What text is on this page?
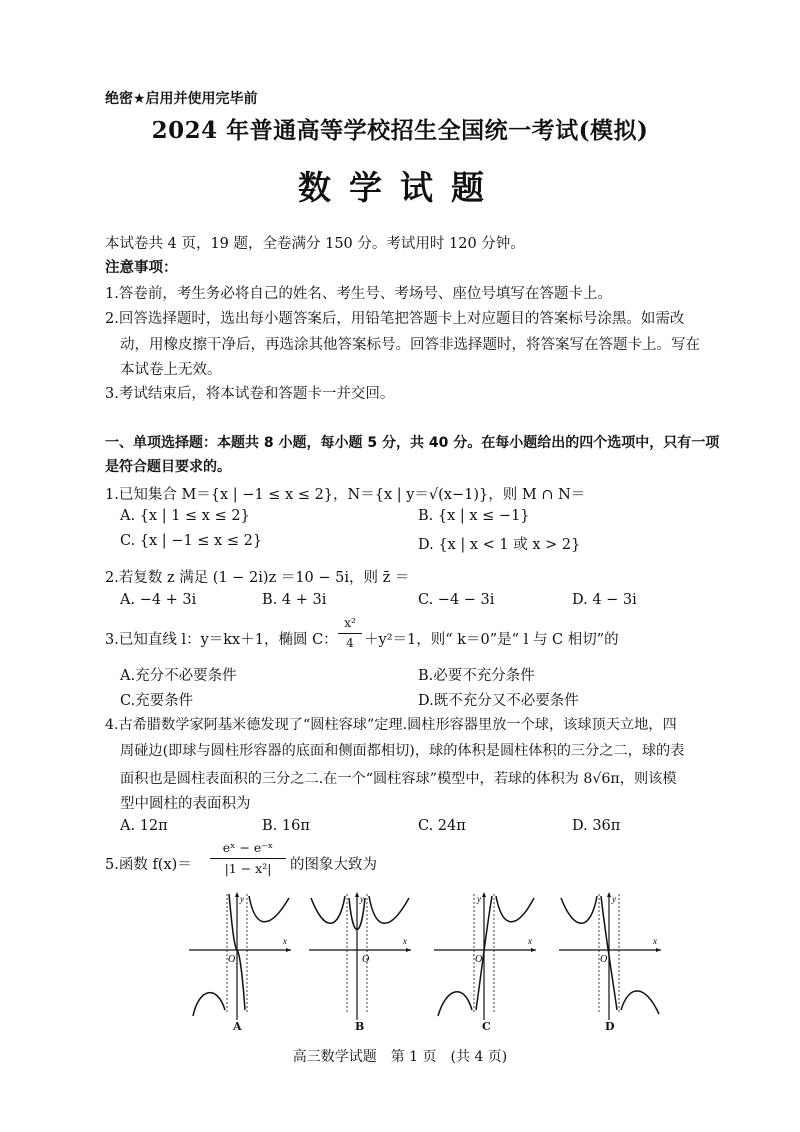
绝密★启用并使用完毕前
2024 年普通高等学校招生全国统一考试(模拟)
数学试题
本试卷共 4 页，19 题，全卷满分 150 分。考试用时 120 分钟。
注意事项：
1.答卷前，考生务必将自己的姓名、考生号、考场号、座位号填写在答题卡上。
2.回答选择题时，选出每小题答案后，用铅笔把答题卡上对应题目的答案标号涂黑。如需改
动，用橡皮擦干净后，再选涂其他答案标号。回答非选择题时，将答案写在答题卡上。写在
本试卷上无效。
3.考试结束后，将本试卷和答题卡一并交回。
一、单项选择题：本题共 8 小题，每小题 5 分，共 40 分。在每小题给出的四个选项中，只有一项
是符合题目要求的。
1.已知集合 M＝{x | −1 ≤ x ≤ 2}，N＝{x | y＝√(x−1)}，则 M ∩ N＝
A. {x | 1 ≤ x ≤ 2}	B. {x | x ≤ −1}
C. {x | −1 ≤ x ≤ 2}	D. {x | x < 1 或 x > 2}
2.若复数 z 满足 (1 − 2i)z ＝10 − 5i，则 z̄ ＝
A. −4 + 3i	B. 4 + 3i	C. −4 − 3i	D. 4 − 3i
3.已知直线 l：y＝kx＋1，椭圆 C：
x²
4 ＋y²＝1，则“ k＝0”是“ l 与 C 相切”的
A.充分不必要条件	B.必要不充分条件
C.充要条件	D.既不充分又不必要条件
4.古希腊数学家阿基米德发现了“圆柱容球”定理.圆柱形容器里放一个球，该球顶天立地，四
周碰边(即球与圆柱形容器的底面和侧面都相切)，球的体积是圆柱体积的三分之二，球的表
面积也是圆柱表面积的三分之二.在一个“圆柱容球”模型中，若球的体积为 8√6π，则该模
型中圆柱的表面积为
A. 12π	B. 16π	C. 24π	D. 36π
5.函数 f(x)＝
eˣ − e⁻ˣ
|1 − x²|	的图象大致为
O
x
y
A
O
x
y
B
O
x
y
C
O
x
y
D
高三数学试题　第 1 页　(共 4 页)
